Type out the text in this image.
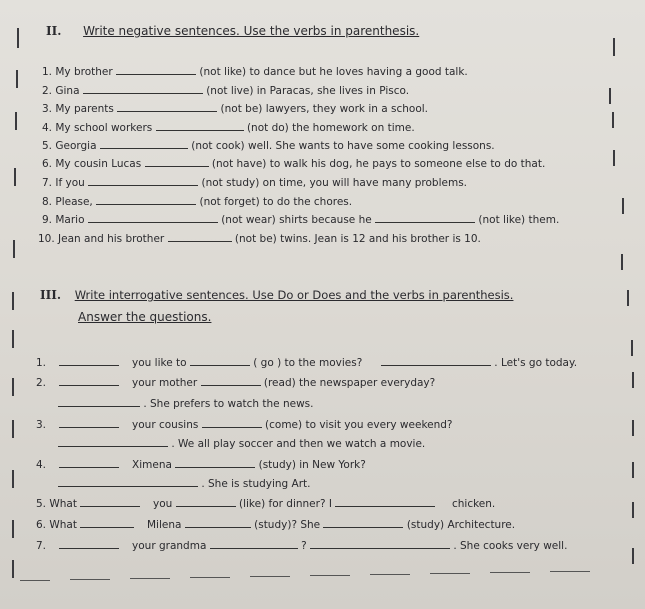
II. Write negative sentences. Use the verbs in parenthesis.
1. My brother	(not like) to dance but he loves having a good talk.
2. Gina	(not live) in Paracas, she lives in Pisco.
3. My parents	(not be) lawyers, they work in a school.
4. My school workers	(not do) the homework on time.
5. Georgia	(not cook) well. She wants to have some cooking lessons.
6. My cousin Lucas	(not have) to walk his dog, he pays to someone else to do that.
7. If you	(not study) on time, you will have many problems.
8. Please,	(not forget) to do the chores.
9. Mario	(not wear) shirts because he	(not like) them.
10. Jean and his brother	(not be) twins. Jean is 12 and his brother is 10.
III. Write interrogative sentences. Use Do or Does and the verbs in parenthesis.
Answer the questions.
1.	you like to	( go ) to the movies?	. Let's go today.
2.	your mother	(read) the newspaper everyday?
. She prefers to watch the news.
3.	your cousins	(come) to visit you every weekend?
. We all play soccer and then we watch a movie.
4.	Ximena	(study) in New York?
. She is studying Art.
5. What	you	(like) for dinner? I	chicken.
6. What	Milena	(study)? She	(study) Architecture.
7.	your grandma	?	. She cooks very well.
